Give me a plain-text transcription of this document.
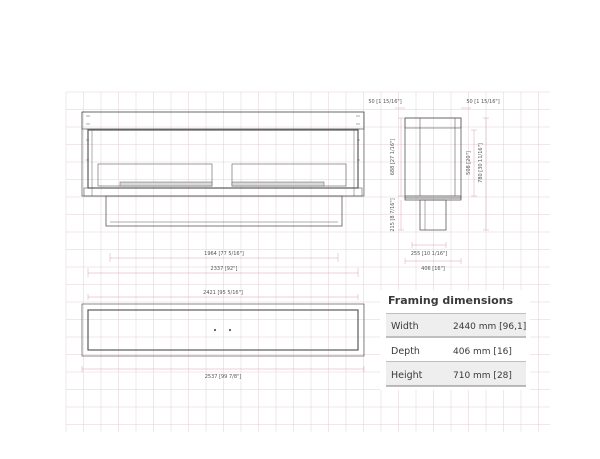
1964 [77 5/16"]
2337 [92"]
50 [1 15/16"]	50 [1 15/16"]
688 [27 1/16"]
215 [8 7/16"]
508 [20"] 780 [30 11/16"]
255 [10 1/16"]
406 [16"]
2421 [95 5/16"]
2537 [99 7/8"]
Framing dimensions
Width	2440 mm [96,1]
Depth	406 mm [16]
Height	710 mm [28]
